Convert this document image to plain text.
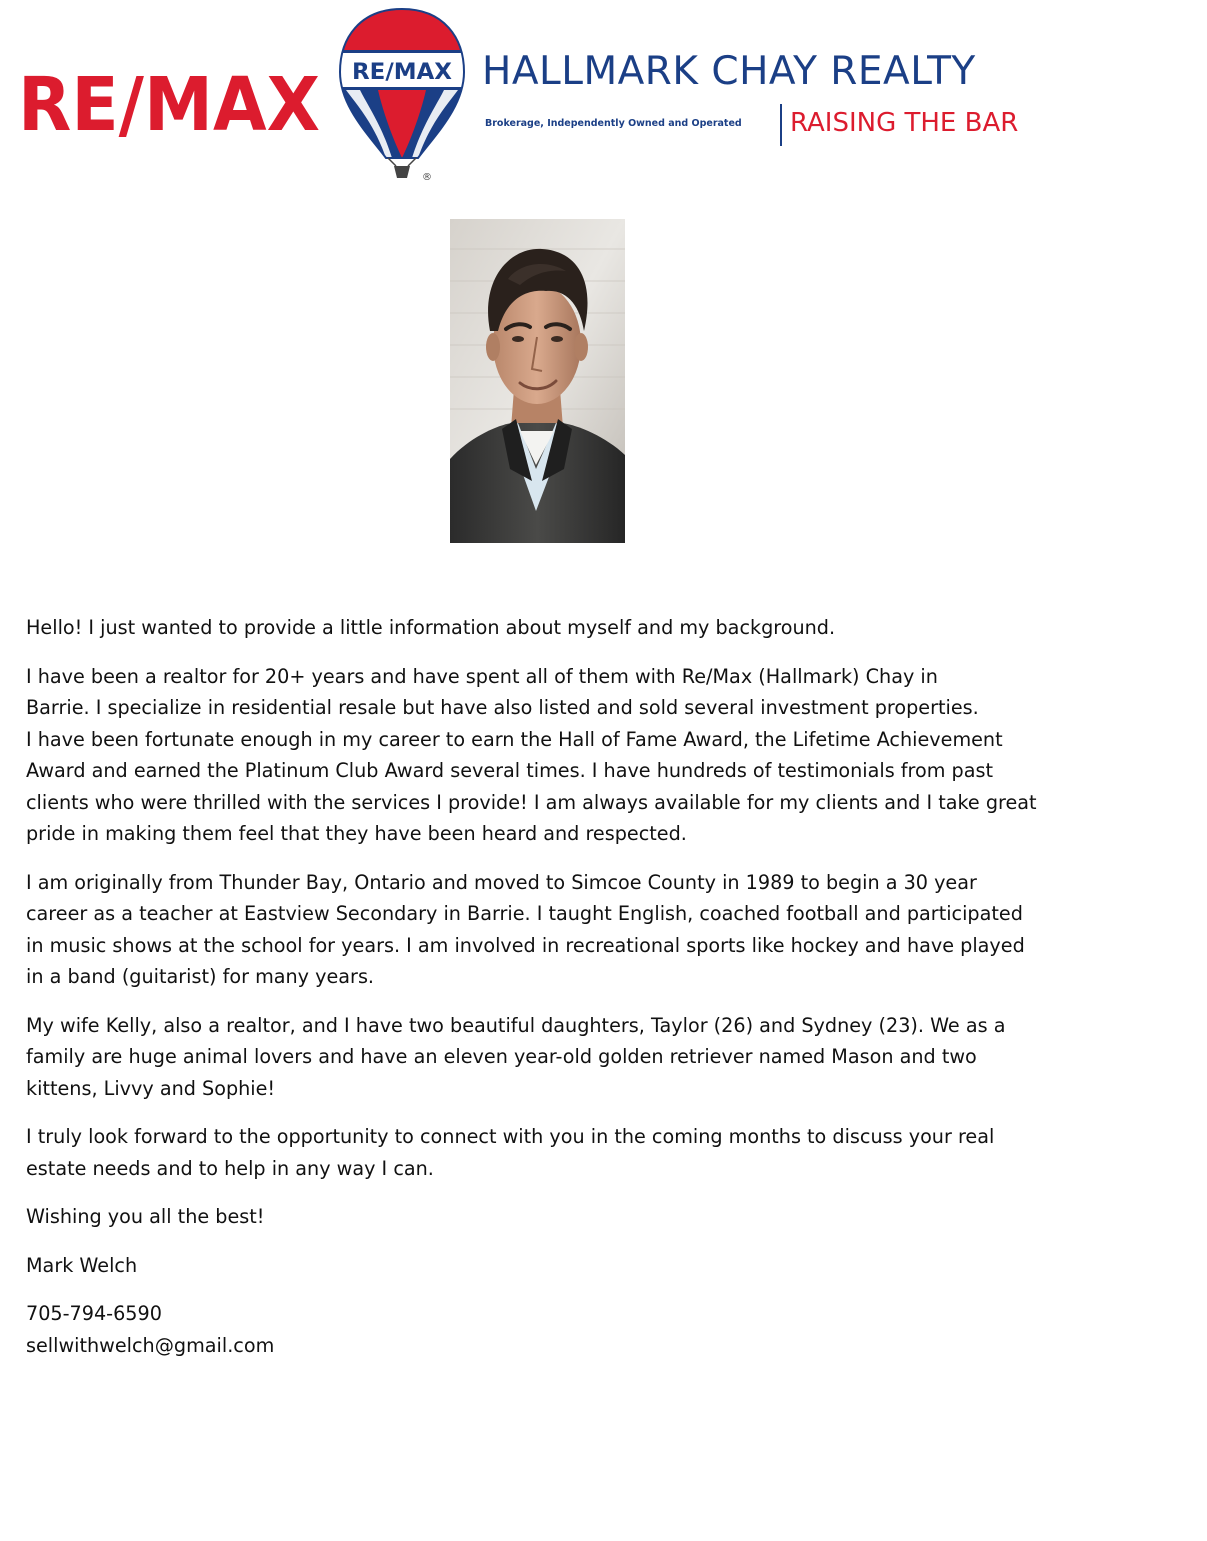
RE/MAX RE/MAX
®
HALLMARK CHAY REALTY
Brokerage, Independently Owned and Operated RAISING THE BAR

Hello! I just wanted to provide a little information about myself and my background.

I have been a realtor for 20+ years and have spent all of them with Re/Max (Hallmark) Chay in
Barrie. I specialize in residential resale but have also listed and sold several investment properties.
I have been fortunate enough in my career to earn the Hall of Fame Award, the Lifetime Achievement
Award and earned the Platinum Club Award several times. I have hundreds of testimonials from past
clients who were thrilled with the services I provide! I am always available for my clients and I take great
pride in making them feel that they have been heard and respected.

I am originally from Thunder Bay, Ontario and moved to Simcoe County in 1989 to begin a 30 year
career as a teacher at Eastview Secondary in Barrie. I taught English, coached football and participated
in music shows at the school for years. I am involved in recreational sports like hockey and have played
in a band (guitarist) for many years.

My wife Kelly, also a realtor, and I have two beautiful daughters, Taylor (26) and Sydney (23). We as a
family are huge animal lovers and have an eleven year-old golden retriever named Mason and two
kittens, Livvy and Sophie!

I truly look forward to the opportunity to connect with you in the coming months to discuss your real
estate needs and to help in any way I can.

Wishing you all the best!

Mark Welch

705-794-6590
sellwithwelch@gmail.com
